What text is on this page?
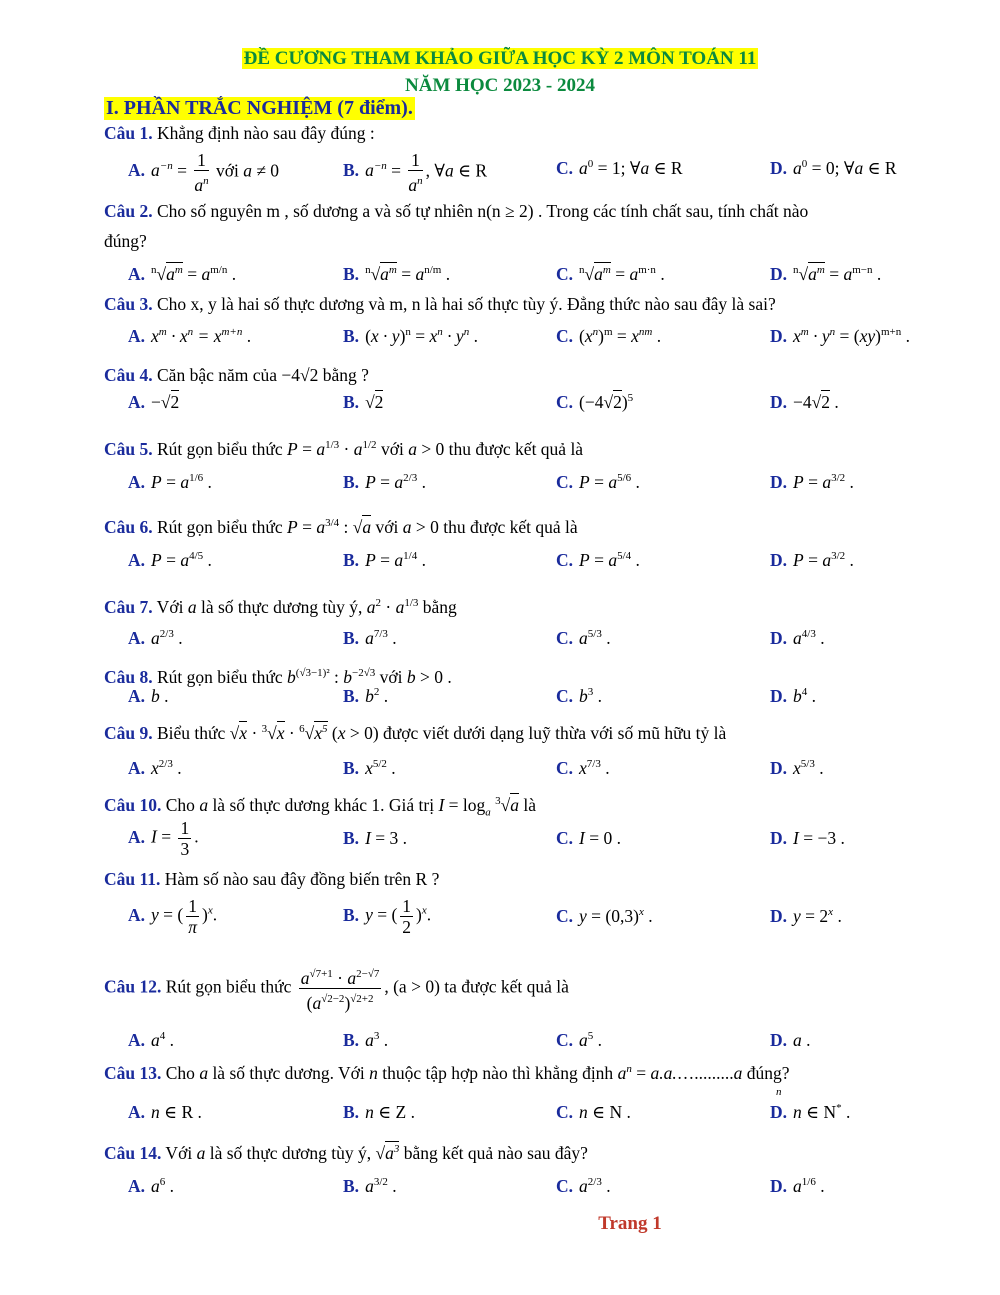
ĐỀ CƯƠNG THAM KHẢO GIỮA HỌC KỲ 2 MÔN TOÁN 11
NĂM HỌC 2023 - 2024
I. PHẦN TRẮC NGHIỆM (7 điểm).
Câu 1. Khẳng định nào sau đây đúng :
A. $a^{-n} = \frac{1}{a^n}$ với a ≠ 0	B. $a^{-n} = \frac{1}{a^n}$ , ∀a ∈ R	C. $a^0 = 1$; ∀a ∈ R	D. $a^0 = 0$; ∀a ∈ R
Câu 2. Cho số nguyên m , số dương a và số tự nhiên n(n ≥ 2) . Trong các tính chất sau, tính chất nào
đúng?
A. $^n√a^m = a^{m/n}$ .	B. $^n√a^m = a^{n/m}$ .	C. $^n√a^m = a^{m\cdot n}$ .	D. $^n√a^m = a^{m-n}$ .
Câu 3. Cho x, y là hai số thực dương và m, n là hai số thực tùy ý. Đẳng thức nào sau đây là sai?
A. $x^m \cdot x^n = x^{m+n}$ .	B. $(x \cdot y)^n = x^n \cdot y^n$ .	C. $(x^n)^m = x^{nm}$ .	D. $x^m \cdot y^n = (xy)^{m+n}$ .
Câu 4. Căn bậc năm của −4√2 bằng ?
A. −√2	B. √2	C. $(-4√2)^5$	D. −4√2 .
Câu 5. Rút gọn biểu thức $P = a^{1/3} \cdot a^{1/2}$ với a > 0 thu được kết quả là
A. $P = a^{1/6}$ .	B. $P = a^{2/3}$ .	C. $P = a^{5/6}$ .	D. $P = a^{3/2}$ .
Câu 6. Rút gọn biểu thức $P = a^{3/4}$ : √a với a > 0 thu được kết quả là
A. $P = a^{4/5}$ .	B. $P = a^{1/4}$ .	C. $P = a^{5/4}$ .	D. $P = a^{3/2}$ .
Câu 7. Với a là số thực dương tùy ý, $a^2 \cdot a^{1/3}$ bằng
A. $a^{2/3}$ .	B. $a^{7/3}$ .	C. $a^{5/3}$ .	D. $a^{4/3}$ .
Câu 8. Rút gọn biểu thức $b^{(√3-1)^2}$ : $b^{-2√3}$ với b > 0 .
A. b .	B. $b^2$ .	C. $b^3$ .	D. $b^4$ .
Câu 9. Biểu thức $√x \cdot ^3√x \cdot ^6√x^5$ (x > 0) được viết dưới dạng luỹ thừa với số mũ hữu tỷ là
A. $x^{2/3}$ .	B. $x^{5/2}$ .	C. $x^{7/3}$ .	D. $x^{5/3}$ .
Câu 10. Cho a là số thực dương khác 1. Giá trị $I = \log_a ^3√a$ là
A. $I = \frac{1}{3}$ .	B. I = 3 .	C. I = 0 .	D. I = −3 .
Câu 11. Hàm số nào sau đây đồng biến trên R ?
A. y = ( $\frac{1}{\pi} )^x$.	B. y = ( $\frac{1}{2} )^x$.	C. $y = (0,3)^x$ .	D. $y = 2^x$ .
Câu 12. Rút gọn biểu thức $\frac{a^{√7+1} \cdot a^{2-√7}}{(a^{√2-2})^{√2+2}}$ , (a > 0) ta được kết quả là
A. $a^4$ .	B. $a^3$ .	C. $a^5$ .	D. a .
Câu 13. Cho a là số thực dương. Với n thuộc tập hợp nào thì khẳng định $a^n$ = a.a.….........a đúng?
n
A. n ∈ R .	B. n ∈ Z .	C. n ∈ N .	D. n ∈ N* .
Câu 14. Với a là số thực dương tùy ý, $√a^3$ bằng kết quả nào sau đây?
A. $a^6$ .	B. $a^{3/2}$ .	C. $a^{2/3}$ .	D. $a^{1/6}$ .
Trang 1
